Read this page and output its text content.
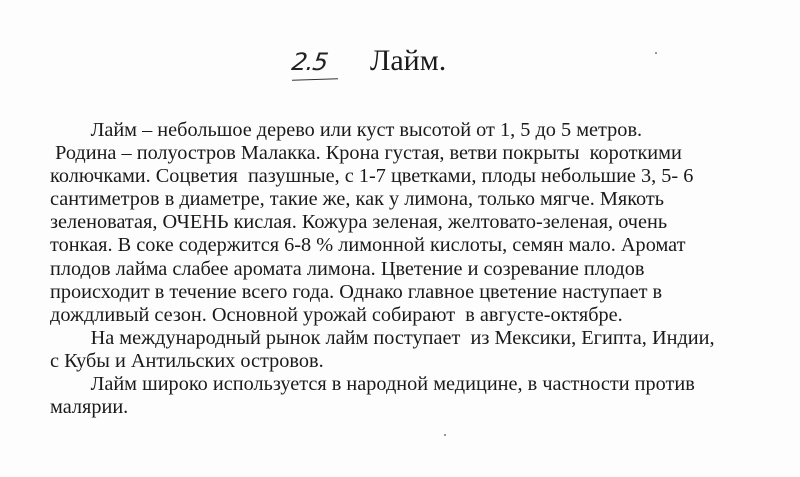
2.5 Лайм.
Лайм – небольшое дерево или куст высотой от 1, 5 до 5 метров.
Родина – полуостров Малакка. Крона густая, ветви покрыты  короткими
колючками. Соцветия  пазушные, с 1-7 цветками, плоды небольшие 3, 5- 6
сантиметров в диаметре, такие же, как у лимона, только мягче. Мякоть
зеленоватая, ОЧЕНЬ кислая. Кожура зеленая, желтовато-зеленая, очень
тонкая. В соке содержится 6-8 % лимонной кислоты, семян мало. Аромат
плодов лайма слабее аромата лимона. Цветение и созревание плодов
происходит в течение всего года. Однако главное цветение наступает в
дождливый сезон. Основной урожай собирают  в августе-октябре.
На международный рынок лайм поступает  из Мексики, Египта, Индии,
с Кубы и Антильских островов.
Лайм широко используется в народной медицине, в частности против
малярии.
